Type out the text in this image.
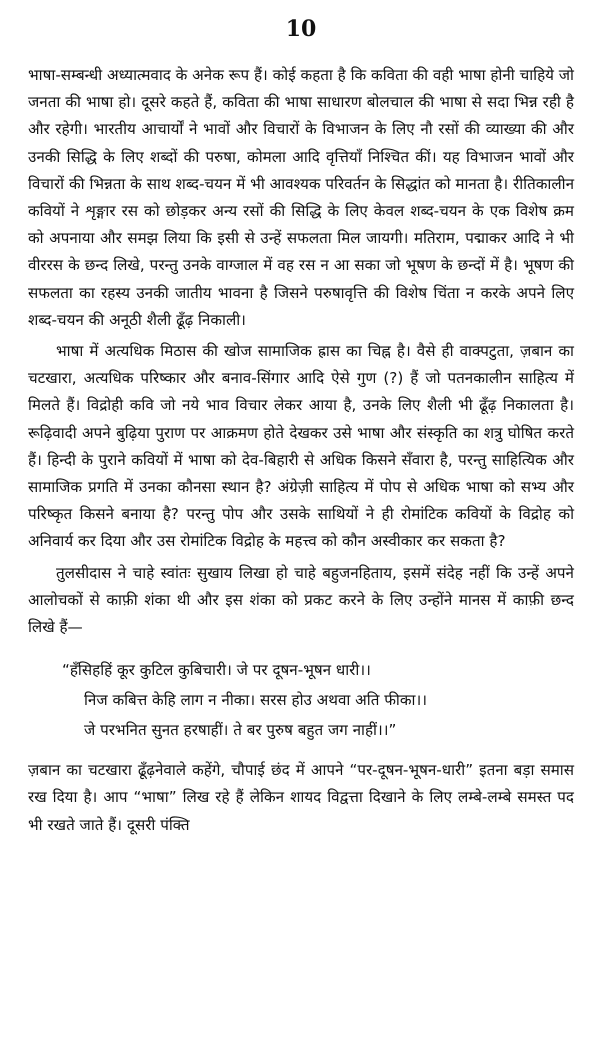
10

भाषा-सम्बन्धी अध्यात्मवाद के अनेक रूप हैं। कोई कहता है कि कविता की वही भाषा होनी चाहिये जो जनता की भाषा हो। दूसरे कहते हैं, कविता की भाषा साधारण बोलचाल की भाषा से सदा भिन्न रही है और रहेगी। भारतीय आचार्यों ने भावों और विचारों के विभाजन के लिए नौ रसों की व्याख्या की और उनकी सिद्धि के लिए शब्दों की परुषा, कोमला आदि वृत्तियाँ निश्चित कीं। यह विभाजन भावों और विचारों की भिन्नता के साथ शब्द-चयन में भी आवश्यक परिवर्तन के सिद्धांत को मानता है। रीतिकालीन कवियों ने शृङ्गार रस को छोड़कर अन्य रसों की सिद्धि के लिए केवल शब्द-चयन के एक विशेष क्रम को अपनाया और समझ लिया कि इसी से उन्हें सफलता मिल जायगी। मतिराम, पद्माकर आदि ने भी वीररस के छन्द लिखे, परन्तु उनके वाग्जाल में वह रस न आ सका जो भूषण के छन्दों में है। भूषण की सफलता का रहस्य उनकी जातीय भावना है जिसने परुषावृत्ति की विशेष चिंता न करके अपने लिए शब्द-चयन की अनूठी शैली ढूँढ़ निकाली।

भाषा में अत्यधिक मिठास की खोज सामाजिक ह्रास का चिह्न है। वैसे ही वाक्पटुता, ज़बान का चटखारा, अत्यधिक परिष्कार और बनाव-सिंगार आदि ऐसे गुण (?) हैं जो पतनकालीन साहित्य में मिलते हैं। विद्रोही कवि जो नये भाव विचार लेकर आया है, उनके लिए शैली भी ढूँढ़ निकालता है। रूढ़िवादी अपने बुढ़िया पुराण पर आक्रमण होते देखकर उसे भाषा और संस्कृति का शत्रु घोषित करते हैं। हिन्दी के पुराने कवियों में भाषा को देव-बिहारी से अधिक किसने सँवारा है, परन्तु साहित्यिक और सामाजिक प्रगति में उनका कौनसा स्थान है? अंग्रेज़ी साहित्य में पोप से अधिक भाषा को सभ्य और परिष्कृत किसने बनाया है? परन्तु पोप और उसके साथियों ने ही रोमांटिक कवियों के विद्रोह को अनिवार्य कर दिया और उस रोमांटिक विद्रोह के महत्त्व को कौन अस्वीकार कर सकता है?

तुलसीदास ने चाहे स्वांतः सुखाय लिखा हो चाहे बहुजनहिताय, इसमें संदेह नहीं कि उन्हें अपने आलोचकों से काफ़ी शंका थी और इस शंका को प्रकट करने के लिए उन्होंने मानस में काफ़ी छन्द लिखे हैं—

“हँसिहहिं कूर कुटिल कुबिचारी। जे पर दूषन-भूषन धारी।।
निज कबित्त केहि लाग न नीका। सरस होउ अथवा अति फीका।।
जे परभनित सुनत हरषाहीं। ते बर पुरुष बहुत जग नाहीं।।”

ज़बान का चटखारा ढूँढ़नेवाले कहेंगे, चौपाई छंद में आपने “पर-दूषन-भूषन-धारी” इतना बड़ा समास रख दिया है। आप “भाषा” लिख रहे हैं लेकिन शायद विद्वत्ता दिखाने के लिए लम्बे-लम्बे समस्त पद भी रखते जाते हैं। दूसरी पंक्ति
